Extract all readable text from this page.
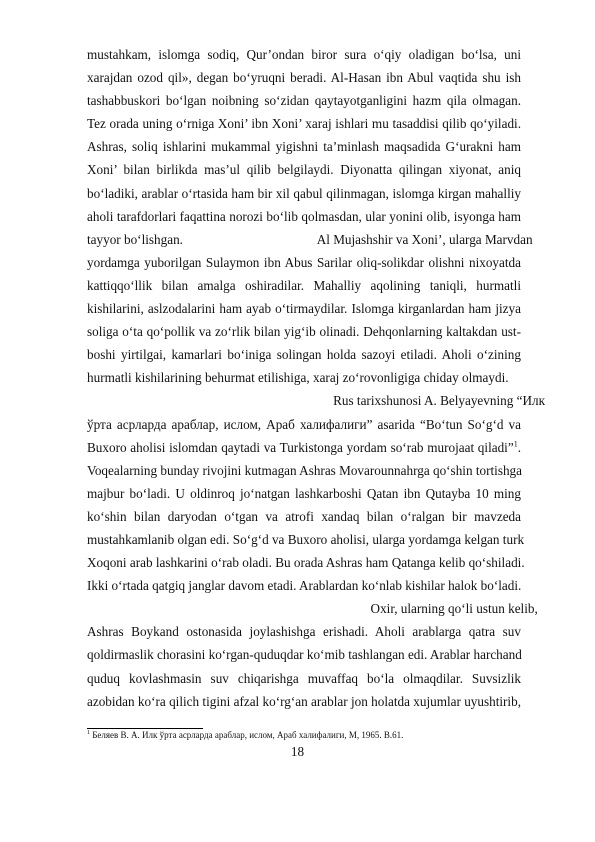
mustahkam, islomga sodiq, Qur’ondan biror sura o‘qiy oladigan bo‘lsa, uni
xarajdan ozod qil», degan bo‘yruqni beradi. Al-Hasan ibn Abul vaqtida shu ish
tashabbuskori bo‘lgan noibning so‘zidan qaytayotganligini hazm qila olmagan.
Tez orada uning o‘rniga Xoni’ ibn Xoni’ xaraj ishlari mu tasaddisi qilib qo‘yiladi.
Ashras, soliq ishlarini mukammal yigishni ta’minlash maqsadida G‘urakni ham
Xoni’ bilan birlikda mas’ul qilib belgilaydi. Diyonatta qilingan xiyonat, aniq
bo‘ladiki, arablar o‘rtasida ham bir xil qabul qilinmagan, islomga kirgan mahalliy
aholi tarafdorlari faqattina norozi bo‘lib qolmasdan, ular yonini olib, isyonga ham
tayyor bo‘lishgan.	Al Mujashshir va Xoni’, ularga Marvdan
yordamga yuborilgan Sulaymon ibn Abus Sarilar oliq-solikdar olishni nixoyatda
kattiqqo‘llik bilan amalga oshiradilar. Mahalliy aqolining taniqli, hurmatli
kishilarini, aslzodalarini ham ayab o‘tirmaydilar. Islomga kirganlardan ham jizya
soliga o‘ta qo‘pollik va zo‘rlik bilan yig‘ib olinadi. Dehqonlarning kaltakdan ust-
boshi yirtilgai, kamarlari bo‘iniga solingan holda sazoyi etiladi. Aholi o‘zining
hurmatli kishilarining behurmat etilishiga, xaraj zo‘rovonligiga chiday olmaydi.
Rus tarixshunosi A. Belyayevning “Илк
ўрта асрларда араблар, ислом, Араб халифалиги” asarida “Bo‘tun So‘g‘d va
Buxoro aholisi islomdan qaytadi va Turkistonga yordam so‘rab murojaat qiladi”$^1$.
Voqealarning bunday rivojini kutmagan Ashras Movarounnahrga qo‘shin tortishga
majbur bo‘ladi. U oldinroq jo‘natgan lashkarboshi Qatan ibn Qutayba 10 ming
ko‘shin bilan daryodan o‘tgan va atrofi xandaq bilan o‘ralgan bir mavzeda
mustahkamlanib olgan edi. So‘g‘d va Buxoro aholisi, ularga yordamga kelgan turk
Xoqoni arab lashkarini o‘rab oladi. Bu orada Ashras ham Qatanga kelib qo‘shiladi.
Ikki o‘rtada qatgiq janglar davom etadi. Arablardan ko‘nlab kishilar halok bo‘ladi.
Oxir, ularning qo‘li ustun kelib,
Ashras Boykand ostonasida joylashishga erishadi. Aholi arablarga qatra suv
qoldirmaslik chorasini ko‘rgan-quduqdar ko‘mib tashlangan edi. Arablar harchand
quduq kovlashmasin suv chiqarishga muvaffaq bo‘la olmaqdilar. Suvsizlik
azobidan ko‘ra qilich tigini afzal ko‘rg‘an arablar jon holatda xujumlar uyushtirib,
$^1$ Беляев В. А. Илк ўрта асрларда араблар, ислом, Араб халифалиги, М, 1965. B.61.
18
